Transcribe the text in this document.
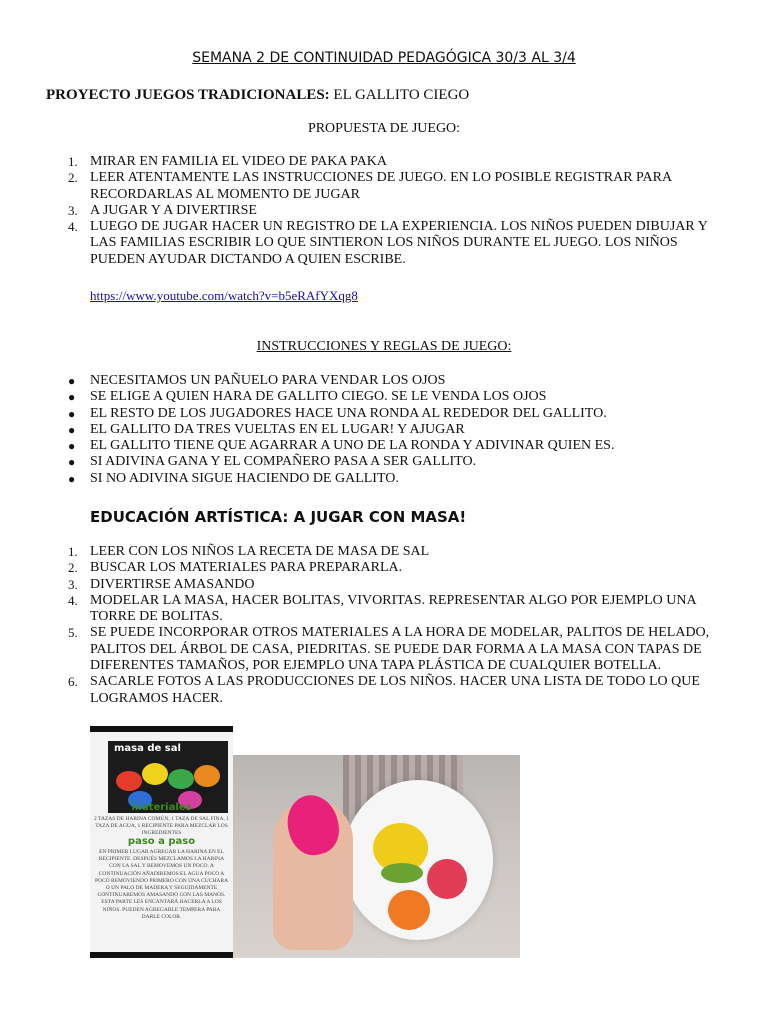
SEMANA 2 DE CONTINUIDAD PEDAGÓGICA 30/3 AL 3/4
PROYECTO JUEGOS TRADICIONALES: EL GALLITO CIEGO
PROPUESTA DE JUEGO:
1. MIRAR EN FAMILIA EL VIDEO DE PAKA PAKA
2. LEER ATENTAMENTE LAS INSTRUCCIONES DE JUEGO. EN LO POSIBLE REGISTRAR PARA RECORDARLAS AL MOMENTO DE JUGAR
3. A JUGAR Y A DIVERTIRSE
4. LUEGO DE JUGAR HACER UN REGISTRO DE LA EXPERIENCIA. LOS NIÑOS PUEDEN DIBUJAR Y LAS FAMILIAS ESCRIBIR LO QUE SINTIERON LOS NIÑOS DURANTE EL JUEGO. LOS NIÑOS PUEDEN AYUDAR DICTANDO A QUIEN ESCRIBE.
https://www.youtube.com/watch?v=b5eRAfYXqg8
INSTRUCCIONES Y REGLAS DE JUEGO:
● NECESITAMOS UN PAÑUELO PARA VENDAR LOS OJOS
● SE ELIGE A QUIEN HARA DE GALLITO CIEGO. SE LE VENDA LOS OJOS
● EL RESTO DE LOS JUGADORES HACE UNA RONDA AL REDEDOR DEL GALLITO.
● EL GALLITO DA TRES VUELTAS EN EL LUGAR! Y AJUGAR
● EL GALLITO TIENE QUE AGARRAR A UNO DE LA RONDA Y ADIVINAR QUIEN ES.
● SI ADIVINA GANA Y EL COMPAÑERO PASA A SER GALLITO.
● SI NO ADIVINA SIGUE HACIENDO DE GALLITO.
EDUCACIÓN ARTÍSTICA: A JUGAR CON MASA!
1. LEER CON LOS NIÑOS LA RECETA DE MASA DE SAL
2. BUSCAR LOS MATERIALES PARA PREPARARLA.
3. DIVERTIRSE AMASANDO
4. MODELAR LA MASA, HACER BOLITAS, VIVORITAS. REPRESENTAR ALGO POR EJEMPLO UNA TORRE DE BOLITAS.
5. SE PUEDE INCORPORAR OTROS MATERIALES A LA HORA DE MODELAR, PALITOS DE HELADO, PALITOS DEL ÁRBOL DE CASA, PIEDRITAS. SE PUEDE DAR FORMA A LA MASA CON TAPAS DE DIFERENTES TAMAÑOS, POR EJEMPLO UNA TAPA PLÁSTICA DE CUALQUIER BOTELLA.
6. SACARLE FOTOS A LAS PRODUCCIONES DE LOS NIÑOS. HACER UNA LISTA DE TODO LO QUE LOGRAMOS HACER.
masa de sal
materiales
2 TAZAS DE HARINA COMÚN, 1 TAZA DE SAL FINA, 1 TAZA DE AGUA, 1 RECIPIENTE PARA MEZCLAR LOS INGREDIENTES
paso a paso
EN PRIMER LUGAR AGREGAR LA HARINA EN EL RECIPIENTE. DESPUÉS MEZCLAMOS LA HARINA CON LA SAL Y REMOVEMOS UN POCO. A CONTINUACIÓN AÑADIREMOS EL AGUA POCO A POCO REMOVIENDO PRIMERO CON UNA CUCHARA O UN PALO DE MADERA Y SEGUIDAMENTE CONTINUAREMOS AMASANDO CON LAS MANOS. ESTA PARTE LES ENCANTARÁ HACERLA A LOS NIÑOS. PUEDEN AGREGARLE TEMPERA PARA DARLE COLOR.
